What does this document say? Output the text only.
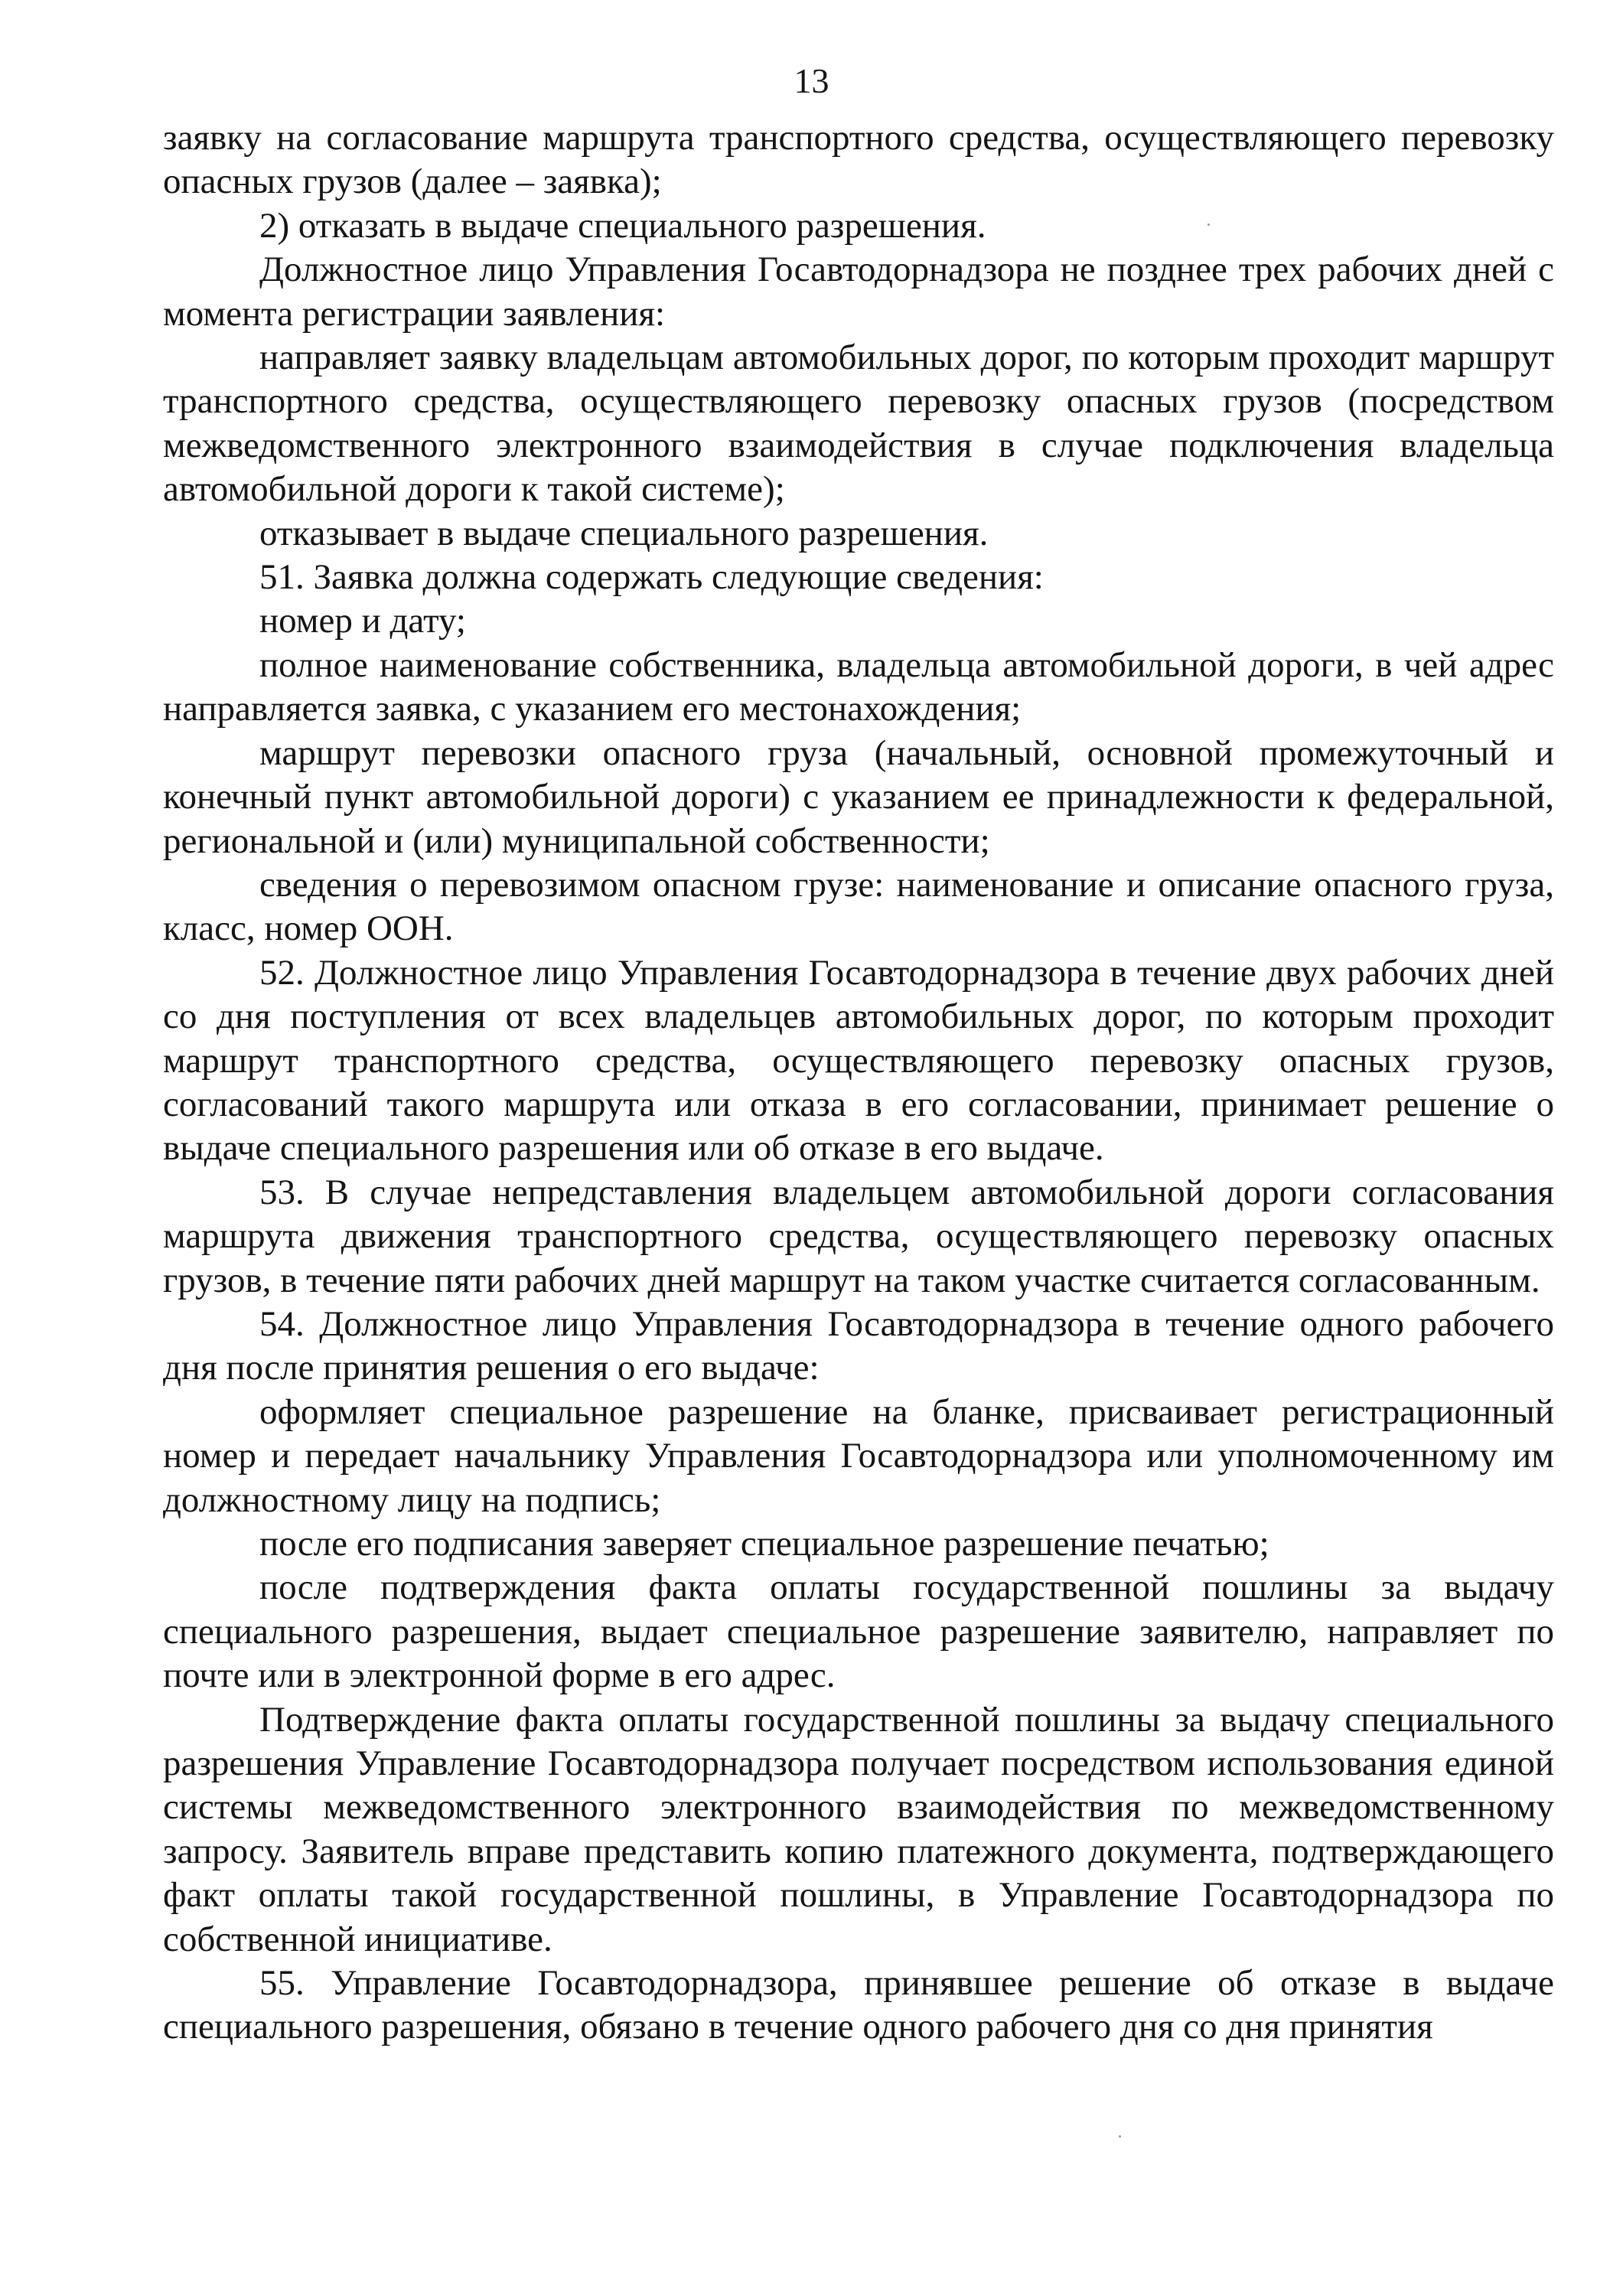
13

заявку на согласование маршрута транспортного средства, осуществляющего перевозку опасных грузов (далее – заявка);

2) отказать в выдаче специального разрешения.

Должностное лицо Управления Госавтодорнадзора не позднее трех рабочих дней с момента регистрации заявления:

направляет заявку владельцам автомобильных дорог, по которым проходит маршрут транспортного средства, осуществляющего перевозку опасных грузов (посредством межведомственного электронного взаимодействия в случае подключения владельца автомобильной дороги к такой системе);

отказывает в выдаче специального разрешения.

51. Заявка должна содержать следующие сведения:

номер и дату;

полное наименование собственника, владельца автомобильной дороги, в чей адрес направляется заявка, с указанием его местонахождения;

маршрут перевозки опасного груза (начальный, основной промежуточный и конечный пункт автомобильной дороги) с указанием ее принадлежности к федеральной, региональной и (или) муниципальной собственности;

сведения о перевозимом опасном грузе: наименование и описание опасного груза, класс, номер ООН.

52. Должностное лицо Управления Госавтодорнадзора в течение двух рабочих дней со дня поступления от всех владельцев автомобильных дорог, по которым проходит маршрут транспортного средства, осуществляющего перевозку опасных грузов, согласований такого маршрута или отказа в его согласовании, принимает решение о выдаче специального разрешения или об отказе в его выдаче.

53. В случае непредставления владельцем автомобильной дороги согласования маршрута движения транспортного средства, осуществляющего перевозку опасных грузов, в течение пяти рабочих дней маршрут на таком участке считается согласованным.

54. Должностное лицо Управления Госавтодорнадзора в течение одного рабочего дня после принятия решения о его выдаче:

оформляет специальное разрешение на бланке, присваивает регистрационный номер и передает начальнику Управления Госавтодорнадзора или уполномоченному им должностному лицу на подпись;

после его подписания заверяет специальное разрешение печатью;

после подтверждения факта оплаты государственной пошлины за выдачу специального разрешения, выдает специальное разрешение заявителю, направляет по почте или в электронной форме в его адрес.

Подтверждение факта оплаты государственной пошлины за выдачу специального разрешения Управление Госавтодорнадзора получает посредством использования единой системы межведомственного электронного взаимодействия по межведомственному запросу. Заявитель вправе представить копию платежного документа, подтверждающего факт оплаты такой государственной пошлины, в Управление Госавтодорнадзора по собственной инициативе.

55. Управление Госавтодорнадзора, принявшее решение об отказе в выдаче специального разрешения, обязано в течение одного рабочего дня со дня принятия
